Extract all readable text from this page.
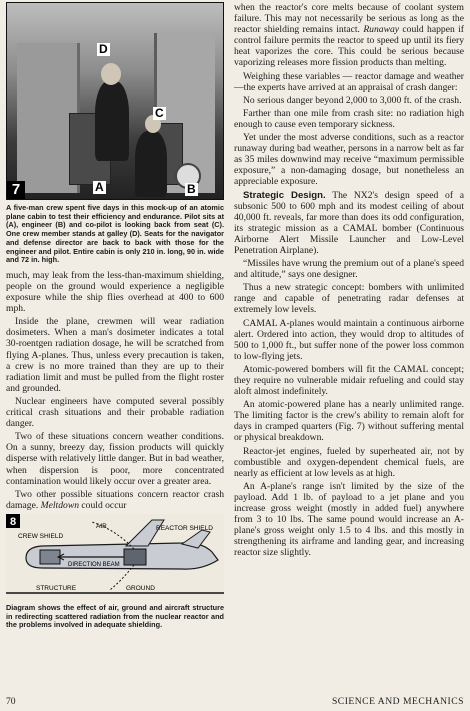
D
C
A	B
7
A five-man crew spent five days in this mock-up of an atomic plane cabin to test their efficiency and endurance. Pilot sits at (A), engineer (B) and co-pilot is looking back from seat (C). One crew member stands at galley (D). Seats for the navigator and defense director are back to back with those for the engineer and pilot. Entire cabin is only 210 in. long, 90 in. wide and 72 in. high.

much, may leak from the less-than-maximum shielding, people on the ground would experience a negligible exposure while the ship flies overhead at 400 to 600 mph.

Inside the plane, crewmen will wear radiation dosimeters. When a man's dosimeter indicates a total 30-roentgen radiation dosage, he will be scratched from flying A-planes. Thus, unless every precaution is taken, a crew is no more trained than they are up to their radiation limit and must be pulled from the flight roster and grounded.

Nuclear engineers have computed several possibly critical crash situations and their probable radiation danger.

Two of these situations concern weather conditions. On a sunny, breezy day, fission products will quickly disperse with relatively little danger. But in bad weather, when dispersion is poor, more concentrated contamination would likely occur over a greater area.

Two other possible situations concern reactor crash damage. Meltdown could occur

8
CREW SHIELD
AIR	REACTOR SHIELD
DIRECTION BEAM
STRUCTURE	GROUND
Diagram shows the effect of air, ground and aircraft structure in redirecting scattered radiation from the nuclear reactor and the problems involved in adequate shielding.

when the reactor's core melts because of coolant system failure. This may not necessarily be serious as long as the reactor shielding remains intact. Runaway could happen if control failure permits the reactor to speed up until its fiery heat vaporizes the core. This could be serious because vaporizing releases more fission products than melting.

Weighing these variables — reactor damage and weather—the experts have arrived at an appraisal of crash danger:

No serious danger beyond 2,000 to 3,000 ft. of the crash.

Farther than one mile from crash site: no radiation high enough to cause even temporary sickness.

Yet under the most adverse conditions, such as a reactor runaway during bad weather, persons in a narrow belt as far as 35 miles downwind may receive “maximum permissible exposure,” a non-damaging dosage, but nonetheless an appreciable exposure.

Strategic Design. The NX2's design speed of a subsonic 500 to 600 mph and its modest ceiling of about 40,000 ft. reveals, far more than does its odd configuration, its strategic mission as a CAMAL bomber (Continuous Airborne Alert Missile Launcher and Low-Level Penetration Airplane).

“Missiles have wrung the premium out of a plane's speed and altitude,” says one designer.

Thus a new strategic concept: bombers with unlimited range and capable of penetrating radar defenses at extremely low levels.

CAMAL A-planes would maintain a continuous airborne alert. Ordered into action, they would drop to altitudes of 500 to 1,000 ft., but suffer none of the power loss common to low-flying jets.

Atomic-powered bombers will fit the CAMAL concept; they require no vulnerable midair refueling and could stay aloft almost indefinitely.

An atomic-powered plane has a nearly unlimited range. The limiting factor is the crew's ability to remain aloft for days in cramped quarters (Fig. 7) without suffering mental or physical breakdown.

Reactor-jet engines, fueled by superheated air, not by combustible and oxygen-dependent chemical fuels, are nearly as efficient at low levels as at high.

An A-plane's range isn't limited by the size of the payload. Add 1 lb. of payload to a jet plane and you increase gross weight (mostly in added fuel) anywhere from 3 to 10 lbs. The same pound would increase an A-plane's gross weight only 1.5 to 4 lbs. and this mostly in strengthening its airframe and landing gear, and increasing reactor size slightly.

70	SCIENCE AND MECHANICS
